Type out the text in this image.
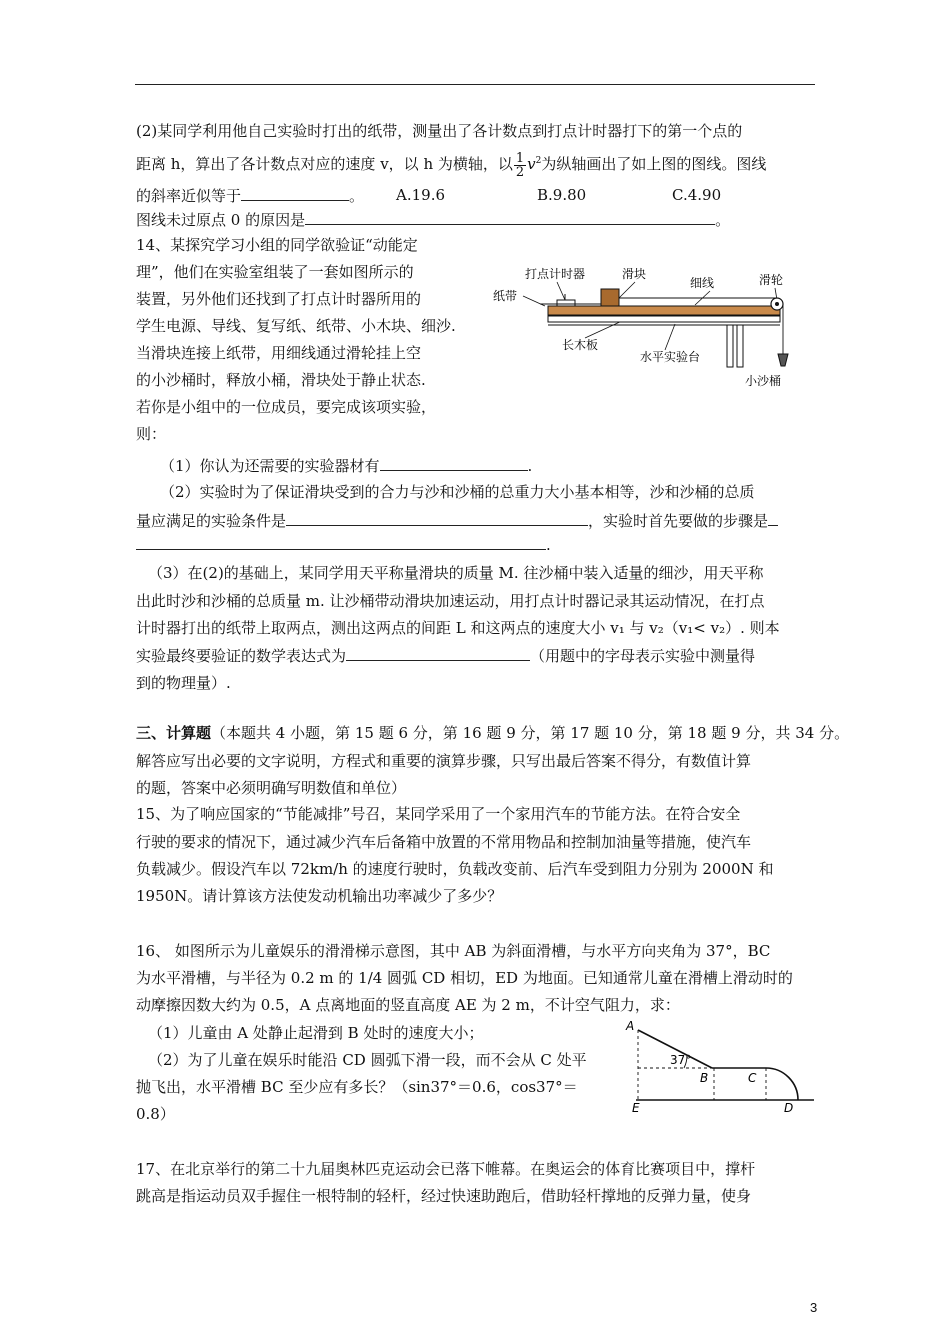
(2)某同学利用他自己实验时打出的纸带，测量出了各计数点到打点计时器打下的第一个点的
距离 h，算出了各计数点对应的速度 v，以 h 为横轴，以 $\frac{1}{2} v^2$为纵轴画出了如上图的图线。图线
的斜率近似等于	。 A.19.6	B.9.80	C.4.90
图线未过原点 0 的原因是	。
14、某探究学习小组的同学欲验证“动能定
理”，他们在实验室组装了一套如图所示的
装置，另外他们还找到了打点计时器所用的
学生电源、导线、复写纸、纸带、小木块、细沙.
当滑块连接上纸带，用细线通过滑轮挂上空
的小沙桶时，释放小桶，滑块处于静止状态.
若你是小组中的一位成员，要完成该项实验，
则：
打点计时器	滑块
细线	滑轮
纸带
长木板
水平实验台
小沙桶
（1）你认为还需要的实验器材有	.
（2）实验时为了保证滑块受到的合力与沙和沙桶的总重力大小基本相等，沙和沙桶的总质
量应满足的实验条件是	，实验时首先要做的步骤是
.
（3）在(2)的基础上，某同学用天平称量滑块的质量 M. 往沙桶中装入适量的细沙，用天平称
出此时沙和沙桶的总质量 m. 让沙桶带动滑块加速运动，用打点计时器记录其运动情况，在打点
计时器打出的纸带上取两点，测出这两点的间距 L 和这两点的速度大小 v₁ 与 v₂（v₁< v₂）. 则本
实验最终要验证的数学表达式为	（用题中的字母表示实验中测量得
到的物理量）.
三、计算题（本题共 4 小题，第 15 题 6 分，第 16 题 9 分，第 17 题 10 分，第 18 题 9 分，共 34 分。
解答应写出必要的文字说明，方程式和重要的演算步骤，只写出最后答案不得分，有数值计算
的题，答案中必须明确写明数值和单位）
15、为了响应国家的“节能减排”号召，某同学采用了一个家用汽车的节能方法。在符合安全
行驶的要求的情况下，通过减少汽车后备箱中放置的不常用物品和控制加油量等措施，使汽车
负载减少。假设汽车以 72km/h 的速度行驶时，负载改变前、后汽车受到阻力分别为 2000N 和
1950N。请计算该方法使发动机输出功率减少了多少？
16、 如图所示为儿童娱乐的滑滑梯示意图，其中 AB 为斜面滑槽，与水平方向夹角为 37°，BC
为水平滑槽，与半径为 0.2 m 的 1/4 圆弧 CD 相切，ED 为地面。已知通常儿童在滑槽上滑动时的
动摩擦因数大约为 0.5，A 点离地面的竖直高度 AE 为 2 m，不计空气阻力，求：
（1）儿童由 A 处静止起滑到 B 处时的速度大小；
（2）为了儿童在娱乐时能沿 CD 圆弧下滑一段，而不会从 C 处平
抛飞出，水平滑槽 BC 至少应有多长？（sin37°＝0.6，cos37°＝
0.8）
A
B	C
D
E
37°
17、在北京举行的第二十九届奥林匹克运动会已落下帷幕。在奥运会的体育比赛项目中，撑杆
跳高是指运动员双手握住一根特制的轻杆，经过快速助跑后，借助轻杆撑地的反弹力量，使身
3
